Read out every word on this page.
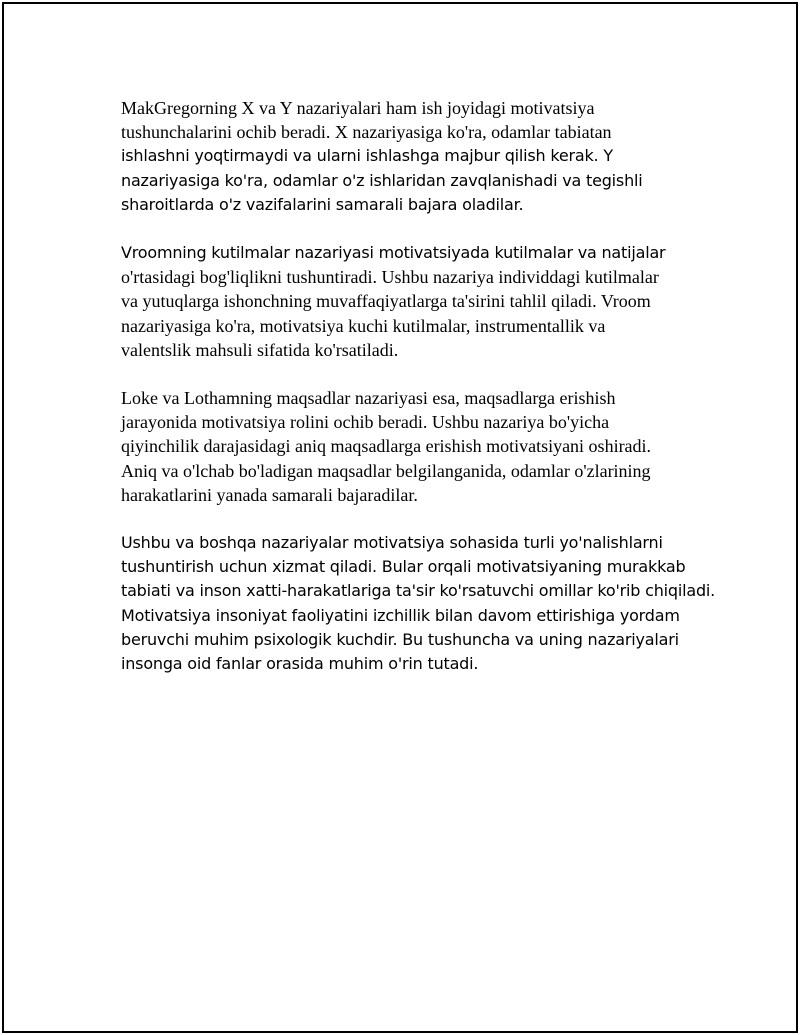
MakGregorning X va Y nazariyalari ham ish joyidagi motivatsiya
tushunchalarini ochib beradi. X nazariyasiga ko'ra, odamlar tabiatan
ishlashni yoqtirmaydi va ularni ishlashga majbur qilish kerak. Y
nazariyasiga ko'ra, odamlar o'z ishlaridan zavqlanishadi va tegishli
sharoitlarda o'z vazifalarini samarali bajara oladilar.

Vroomning kutilmalar nazariyasi motivatsiyada kutilmalar va natijalar
o'rtasidagi bog'liqlikni tushuntiradi. Ushbu nazariya individdagi kutilmalar
va yutuqlarga ishonchning muvaffaqiyatlarga ta'sirini tahlil qiladi. Vroom
nazariyasiga ko'ra, motivatsiya kuchi kutilmalar, instrumentallik va
valentslik mahsuli sifatida ko'rsatiladi.

Loke va Lothamning maqsadlar nazariyasi esa, maqsadlarga erishish
jarayonida motivatsiya rolini ochib beradi. Ushbu nazariya bo'yicha
qiyinchilik darajasidagi aniq maqsadlarga erishish motivatsiyani oshiradi.
Aniq va o'lchab bo'ladigan maqsadlar belgilanganida, odamlar o'zlarining
harakatlarini yanada samarali bajaradilar.

Ushbu va boshqa nazariyalar motivatsiya sohasida turli yo'nalishlarni
tushuntirish uchun xizmat qiladi. Bular orqali motivatsiyaning murakkab
tabiati va inson xatti-harakatlariga ta'sir ko'rsatuvchi omillar ko'rib chiqiladi.
Motivatsiya insoniyat faoliyatini izchillik bilan davom ettirishiga yordam
beruvchi muhim psixologik kuchdir. Bu tushuncha va uning nazariyalari
insonga oid fanlar orasida muhim o'rin tutadi.
